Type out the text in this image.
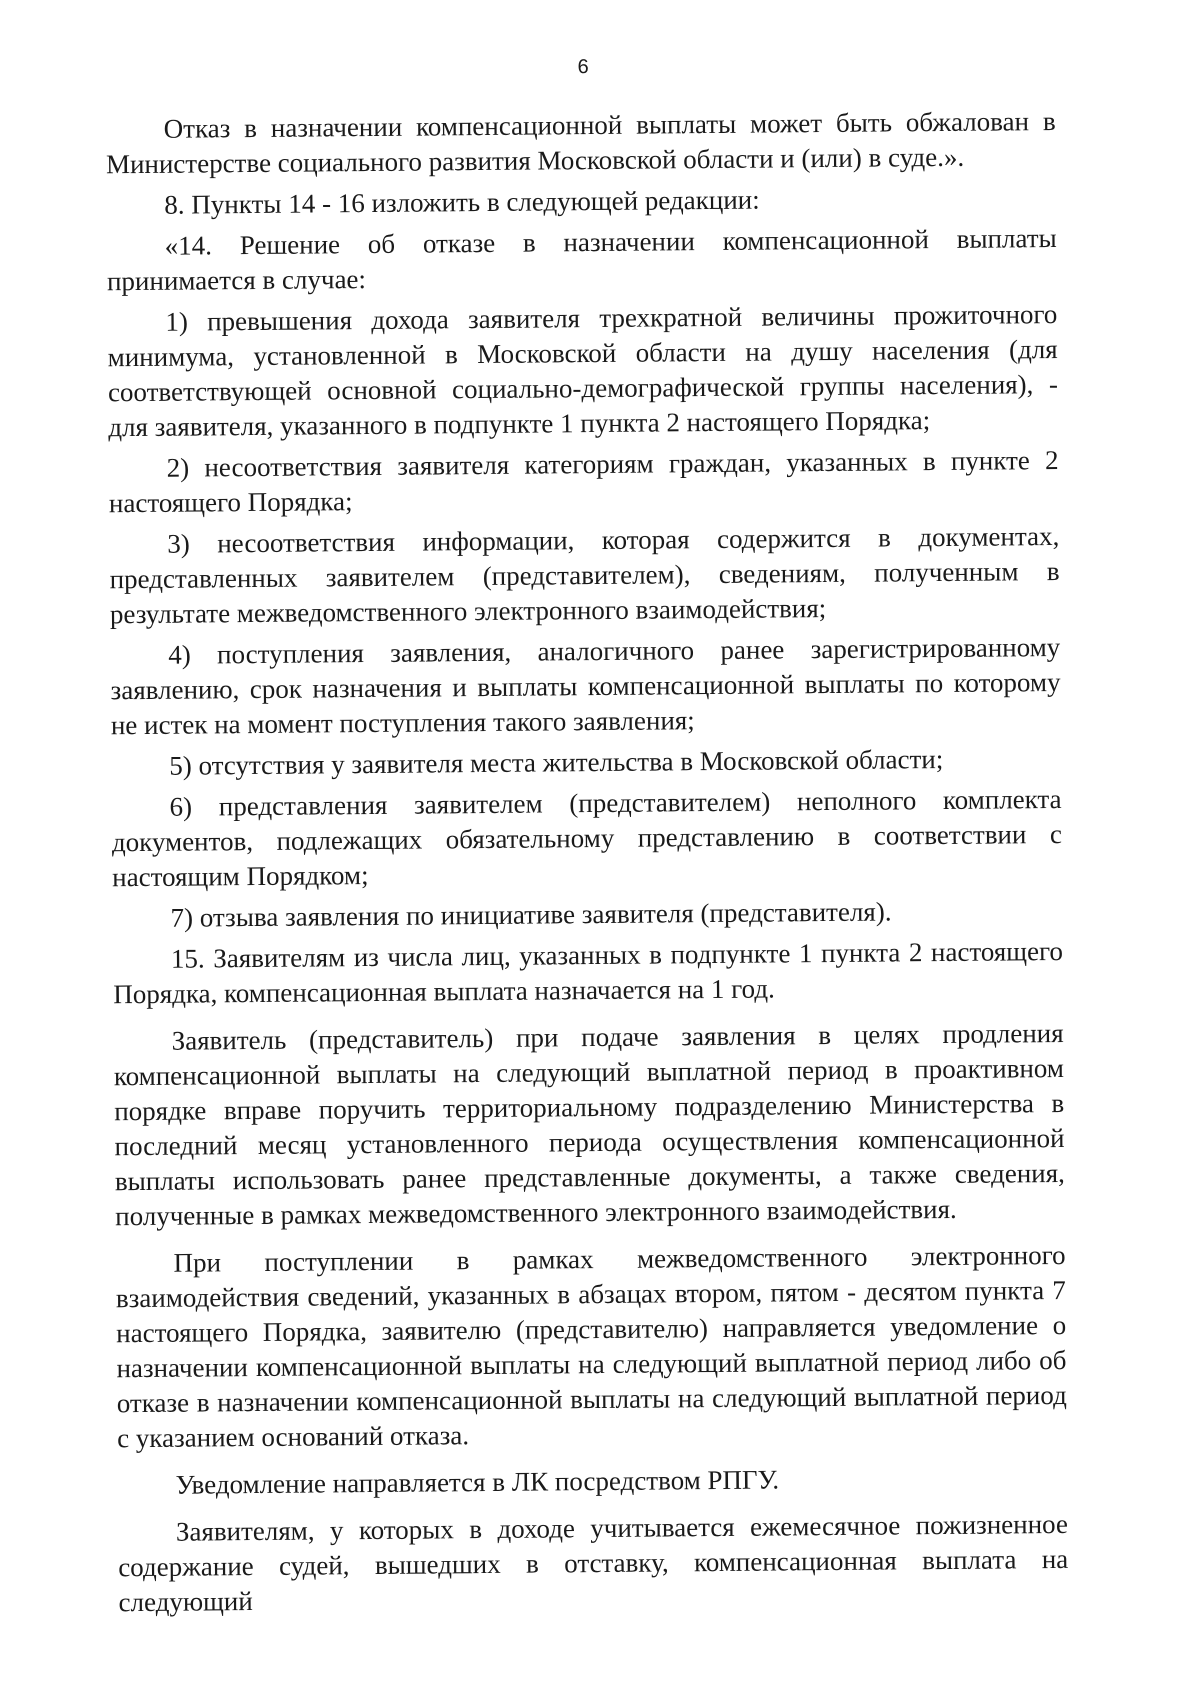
6

Отказ в назначении компенсационной выплаты может быть обжалован в Министерстве социального развития Московской области и (или) в суде.».

8. Пункты 14 - 16 изложить в следующей редакции:

«14. Решение об отказе в назначении компенсационной выплаты принимается в случае:

1) превышения дохода заявителя трехкратной величины прожиточного минимума, установленной в Московской области на душу населения (для соответствующей основной социально-демографической группы населения), - для заявителя, указанного в подпункте 1 пункта 2 настоящего Порядка;

2) несоответствия заявителя категориям граждан, указанных в пункте 2 настоящего Порядка;

3) несоответствия информации, которая содержится в документах, представленных заявителем (представителем), сведениям, полученным в результате межведомственного электронного взаимодействия;

4) поступления заявления, аналогичного ранее зарегистрированному заявлению, срок назначения и выплаты компенсационной выплаты по которому не истек на момент поступления такого заявления;

5) отсутствия у заявителя места жительства в Московской области;

6) представления заявителем (представителем) неполного комплекта документов, подлежащих обязательному представлению в соответствии с настоящим Порядком;

7) отзыва заявления по инициативе заявителя (представителя).

15. Заявителям из числа лиц, указанных в подпункте 1 пункта 2 настоящего Порядка, компенсационная выплата назначается на 1 год.

Заявитель (представитель) при подаче заявления в целях продления компенсационной выплаты на следующий выплатной период в проактивном порядке вправе поручить территориальному подразделению Министерства в последний месяц установленного периода осуществления компенсационной выплаты использовать ранее представленные документы, а также сведения, полученные в рамках межведомственного электронного взаимодействия.

При поступлении в рамках межведомственного электронного взаимодействия сведений, указанных в абзацах втором, пятом - десятом пункта 7 настоящего Порядка, заявителю (представителю) направляется уведомление о назначении компенсационной выплаты на следующий выплатной период либо об отказе в назначении компенсационной выплаты на следующий выплатной период с указанием оснований отказа.

Уведомление направляется в ЛК посредством РПГУ.

Заявителям, у которых в доходе учитывается ежемесячное пожизненное содержание судей, вышедших в отставку, компенсационная выплата на следующий
